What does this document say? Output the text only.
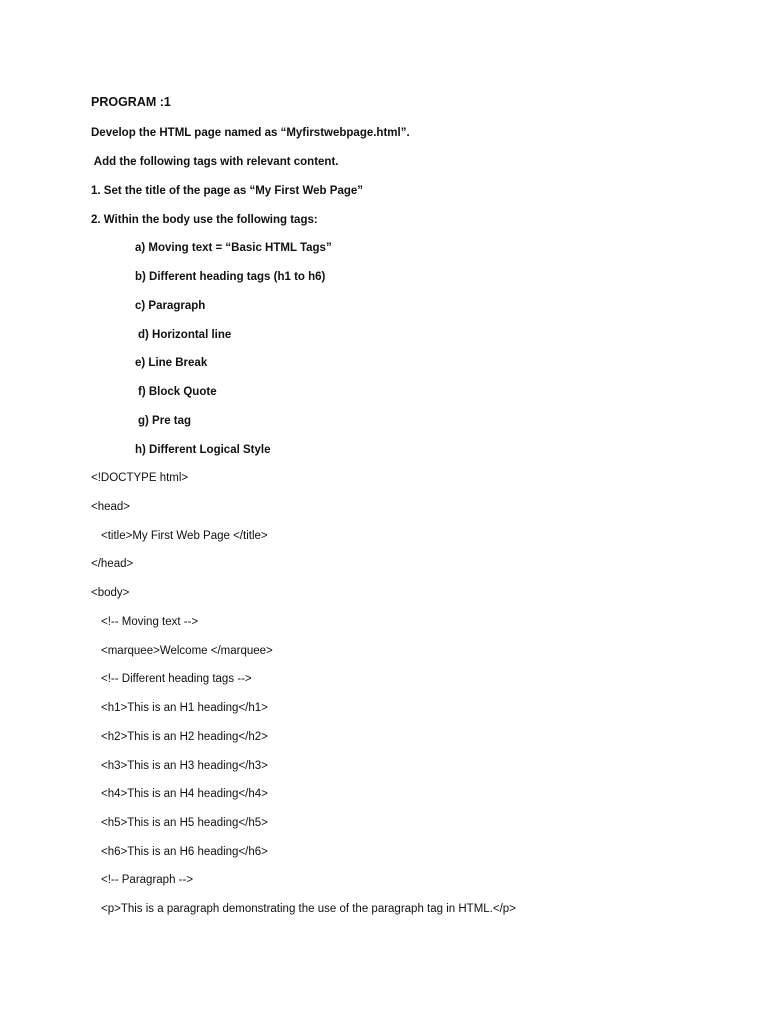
PROGRAM :1
Develop the HTML page named as “Myfirstwebpage.html”.
Add the following tags with relevant content.
1. Set the title of the page as “My First Web Page”
2. Within the body use the following tags:
a) Moving text = “Basic HTML Tags”
b) Different heading tags (h1 to h6)
c) Paragraph
d) Horizontal line
e) Line Break
f) Block Quote
g) Pre tag
h) Different Logical Style
<!DOCTYPE html>
<head>
<title>My First Web Page </title>
</head>
<body>
<!-- Moving text -->
<marquee>Welcome </marquee>
<!-- Different heading tags -->
<h1>This is an H1 heading</h1>
<h2>This is an H2 heading</h2>
<h3>This is an H3 heading</h3>
<h4>This is an H4 heading</h4>
<h5>This is an H5 heading</h5>
<h6>This is an H6 heading</h6>
<!-- Paragraph -->
<p>This is a paragraph demonstrating the use of the paragraph tag in HTML.</p>
